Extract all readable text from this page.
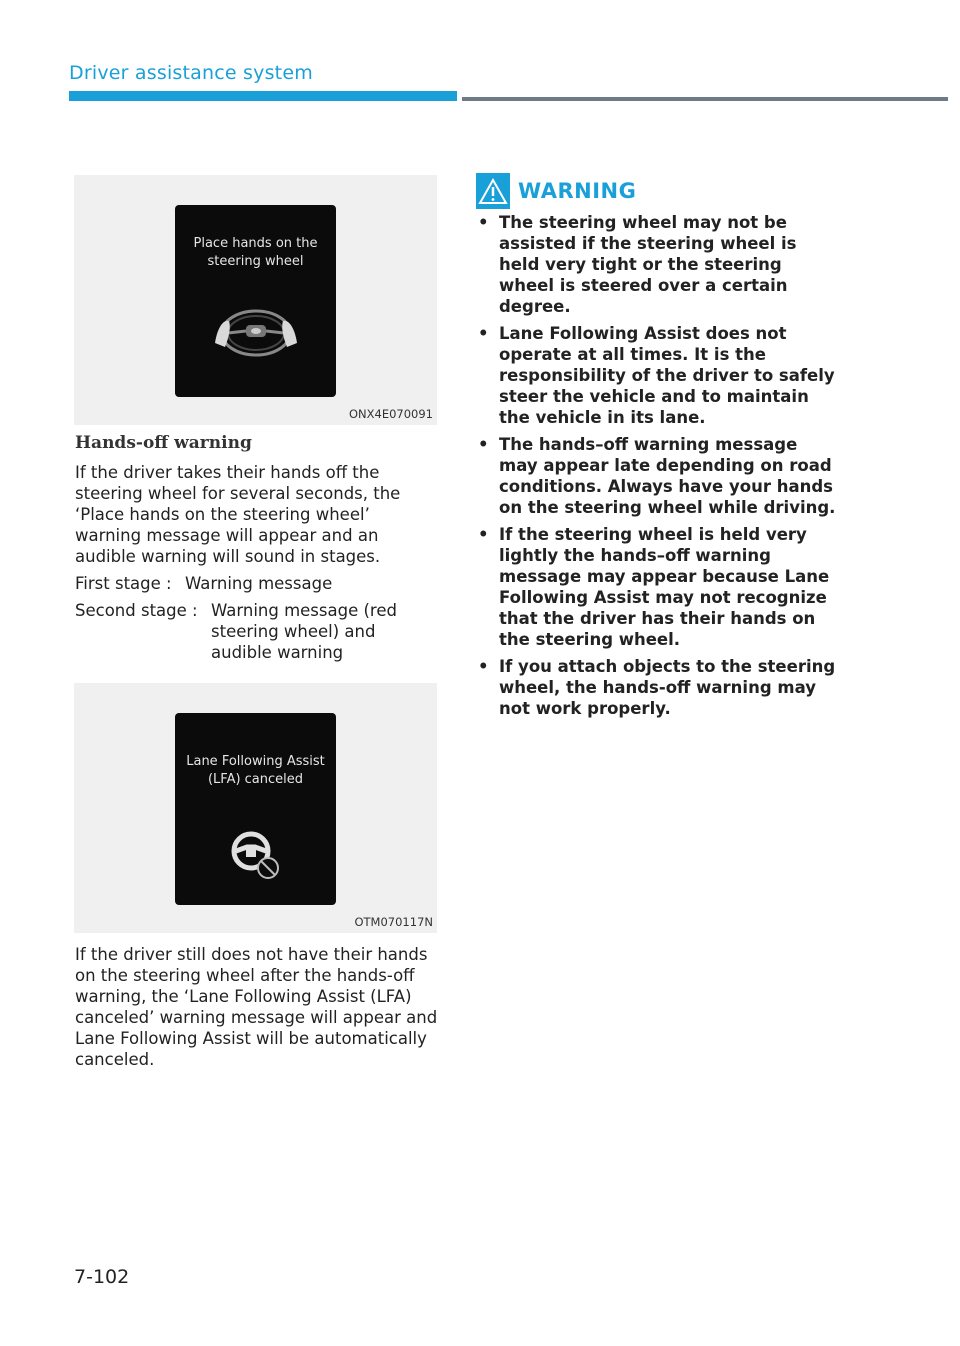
Driver assistance system
Place hands on the
steering wheel
ONX4E070091
Hands-off warning
If the driver takes their hands off the steering wheel for several seconds, the ‘Place hands on the steering wheel’ warning message will appear and an audible warning will sound in stages.
First stage : Warning message
Second stage : Warning message (red steering wheel) and audible warning
Lane Following Assist
(LFA) canceled
OTM070117N
If the driver still does not have their hands on the steering wheel after the hands-off warning, the ‘Lane Following Assist (LFA) canceled’ warning message will appear and Lane Following Assist will be automatically canceled.
WARNING
• The steering wheel may not be assisted if the steering wheel is held very tight or the steering wheel is steered over a certain degree.
• Lane Following Assist does not operate at all times. It is the responsibility of the driver to safely steer the vehicle and to maintain the vehicle in its lane.
• The hands–off warning message may appear late depending on road conditions. Always have your hands on the steering wheel while driving.
• If the steering wheel is held very lightly the hands–off warning message may appear because Lane Following Assist may not recognize that the driver has their hands on the steering wheel.
• If you attach objects to the steering wheel, the hands-off warning may not work properly.
7-102
